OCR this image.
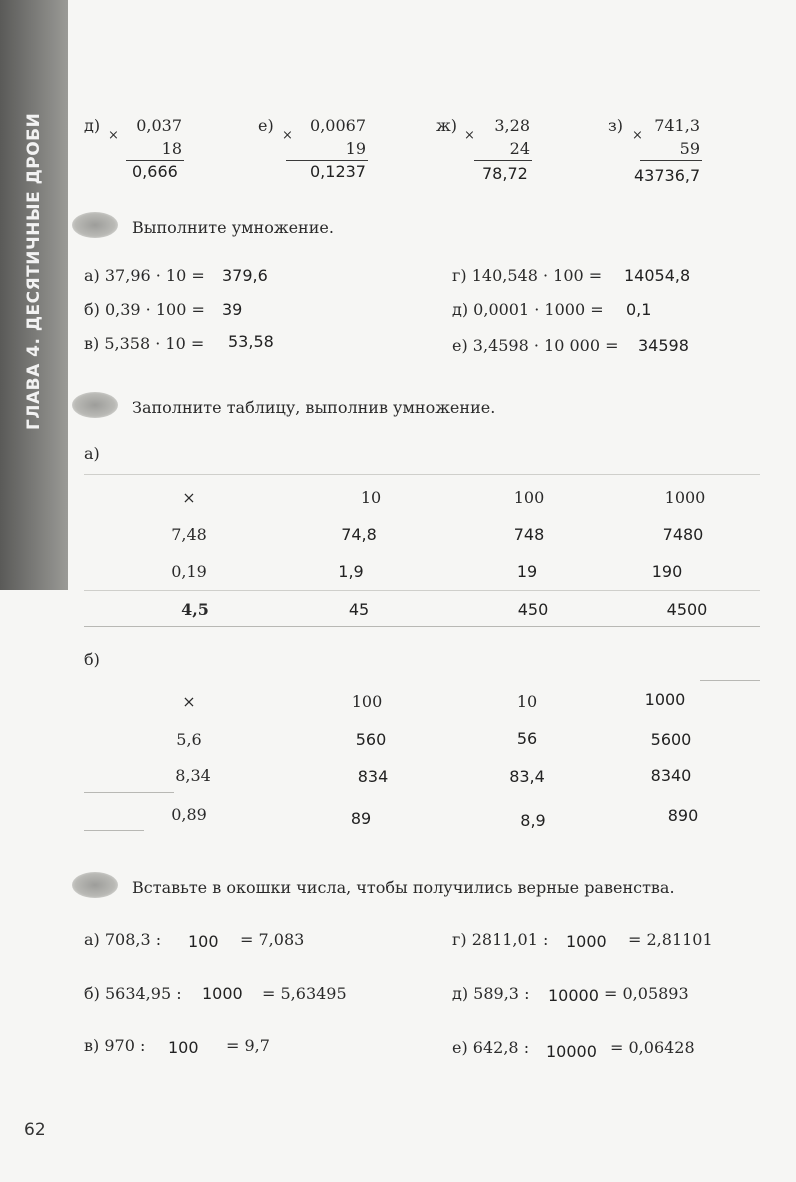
ГЛАВА 4. ДЕСЯТИЧНЫЕ ДРОБИ	д)
×
0,037
18
0,666
е)
×
0,0067
19
0,1237
ж)
×
3,28
24
78,72
з)
×
741,3
59
43736,7
Выполните умножение.
а) 37,96 · 10 = 379,6
б) 0,39 · 100 = 39
в) 5,358 · 10 = 53,58
г) 140,548 · 100 = 14054,8
д) 0,0001 · 1000 = 0,1
е) 3,4598 · 10 000 = 34598
Заполните таблицу, выполнив умножение.
а)
×	10	100	1000
7,48	74,8	748	7480
0,19	1,9	19	190
4,5	45	450	4500
б)
×	100	10	1000
5,6	560	56	5600
8,34	834	83,4	8340
0,89	89	8,9	890
Вставьте в окошки числа, чтобы получились верные равенства.
а) 708,3 : 100 = 7,083
б) 5634,95 : 1000 = 5,63495
в) 970 : 100 = 9,7
г) 2811,01 : 1000 = 2,81101
д) 589,3 : 10000 = 0,05893
е) 642,8 : 10000 = 0,06428
62
